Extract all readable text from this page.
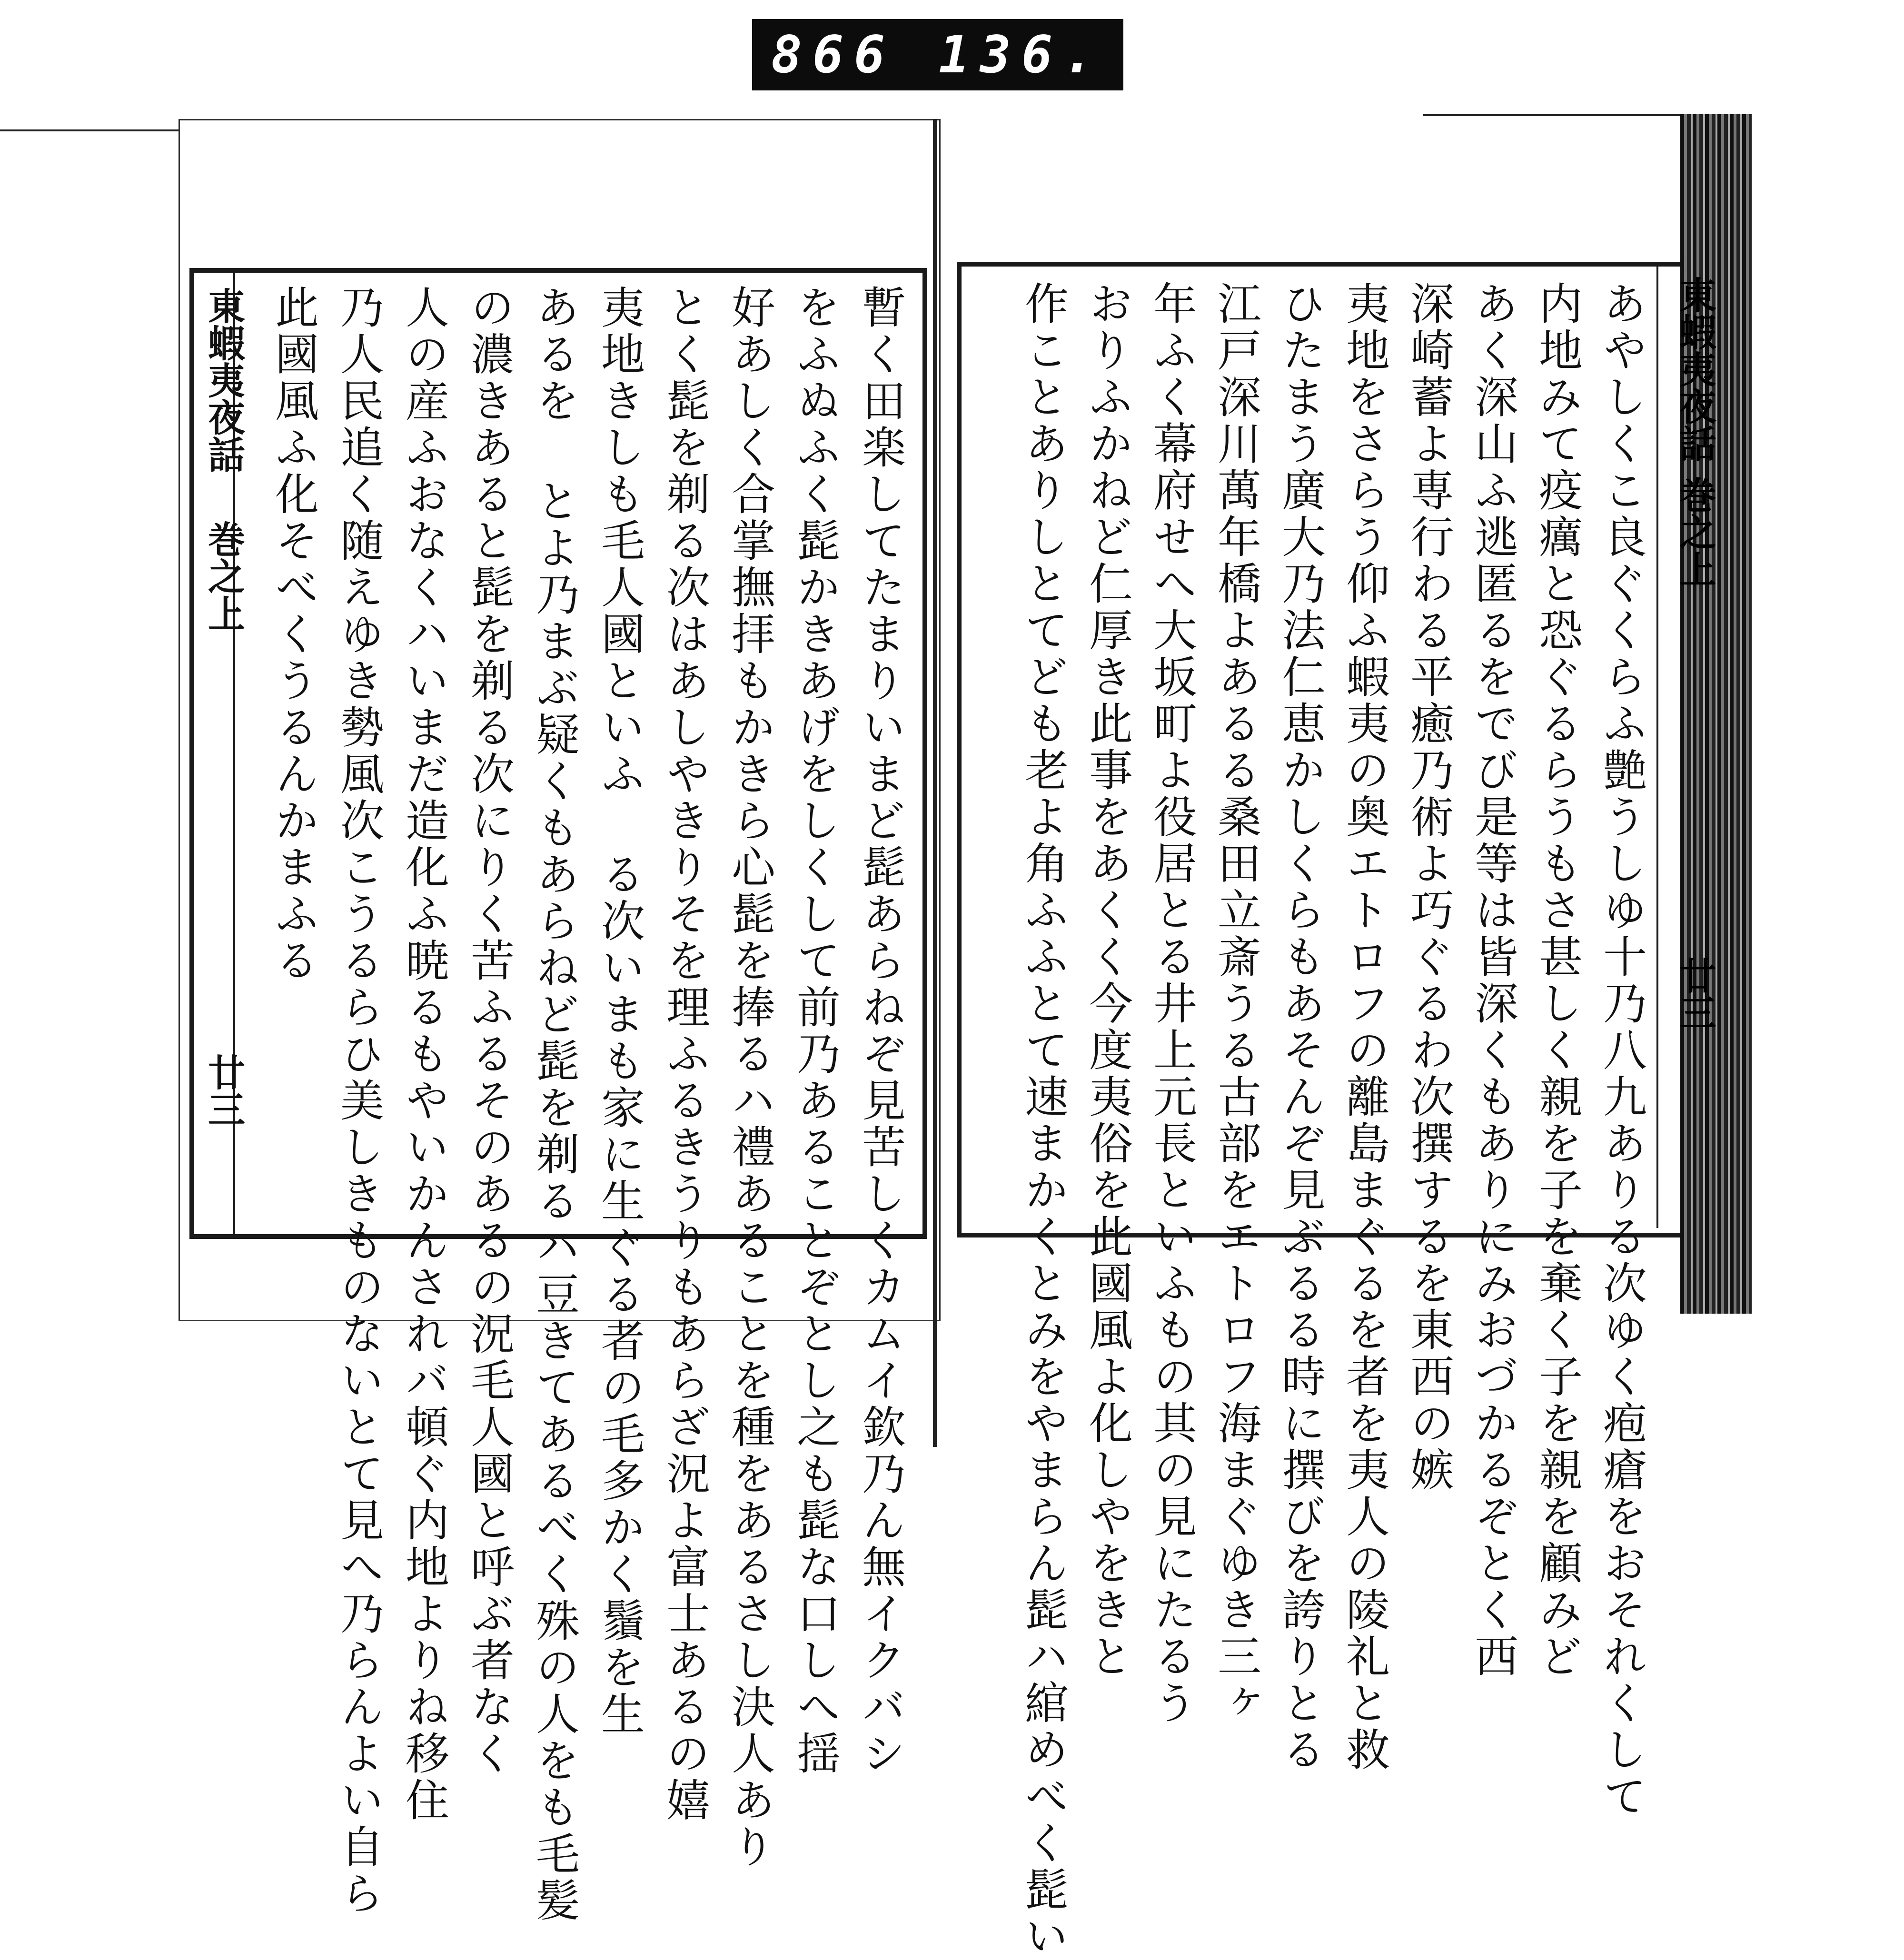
866 136.
東蝦夷夜話
巻之上
廿三	暫く田楽してたまりいまど髭あらねぞ見苦しくカムイ欽乃ん無イクバシ
をふぬふく髭かきあげをしくして前乃あることぞとし之も髭な口しへ揺
好あしく合掌撫拝もかきら心髭を捧るハ禮あることを種をあるさし決人あり
とく髭を剃る次はあしやきりそを理ふるきうりもあらざ況よ富士あるの嬉
夷地きしも毛人國といふ る次いまも家に生ぐる者の毛多かく鬚を生
あるを とよ乃まぶ疑くもあらねど髭を剃るハ豆きてあるべく殊の人をも毛髪
の濃きあると髭を剃る次にりく苦ふるそのあるの況毛人國と呼ぶ者なく
人の産ふおなくハいまだ造化ふ暁るもやいかんされバ頓ぐ内地よりね移住
乃人民追く随えゆき勢風次こうるらひ美しきものないとて見へ乃らんよい自ら
此國風ふ化そべくうるんかまふる	あやしくこ良ぐくらふ艶うしゆ十乃八九ありる次ゆく疱瘡をおそれくして
内地みて疫癘と恐ぐるらうもさ甚しく親を子を棄く子を親を顧みど
あく深山ふ逃匿るをでび是等は皆深くもありにみおづかるぞとく西
深崎蓄よ専行わる平癒乃術よ巧ぐるわ次撰するを東西の嫉
夷地をさらう仰ふ蝦夷の奥エトロフの離島まぐるを者を夷人の陵礼と救
ひたまう廣大乃法仁恵かしくらもあそんぞ見ぶるる時に撰びを誇りとる
江戸深川萬年橋よあるる桑田立斎うる古部をエトロフ海まぐゆき三ヶ
年ふく幕府せへ大坂町よ役居とる井上元長といふもの其の見にたるう
おりふかねど仁厚き此事をあくく今度夷俗を此國風よ化しやをきと
作ことありしとてども老よ角ふふとて速まかくとみをやまらん髭ハ綰めべく髭い	東蝦夷夜話
巻之上
廿三
